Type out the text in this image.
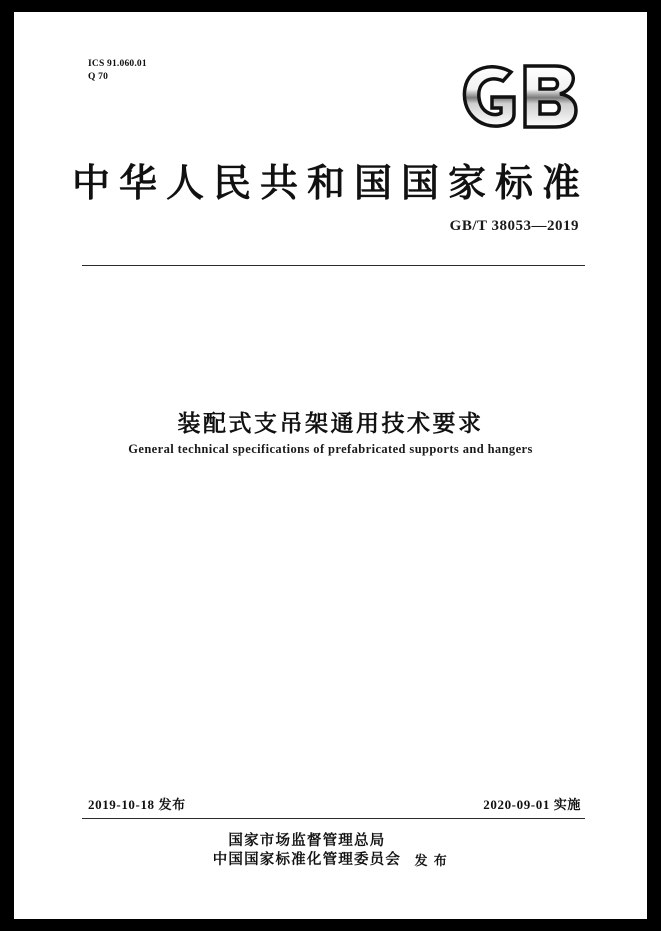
ICS 91.060.01
Q 70
中华人民共和国国家标准
GB/T 38053—2019
装配式支吊架通用技术要求
General technical specifications of prefabricated supports and hangers
2019-10-18 发布	2020-09-01 实施
国家市场监督管理总局
中国国家标准化管理委员会 发 布
